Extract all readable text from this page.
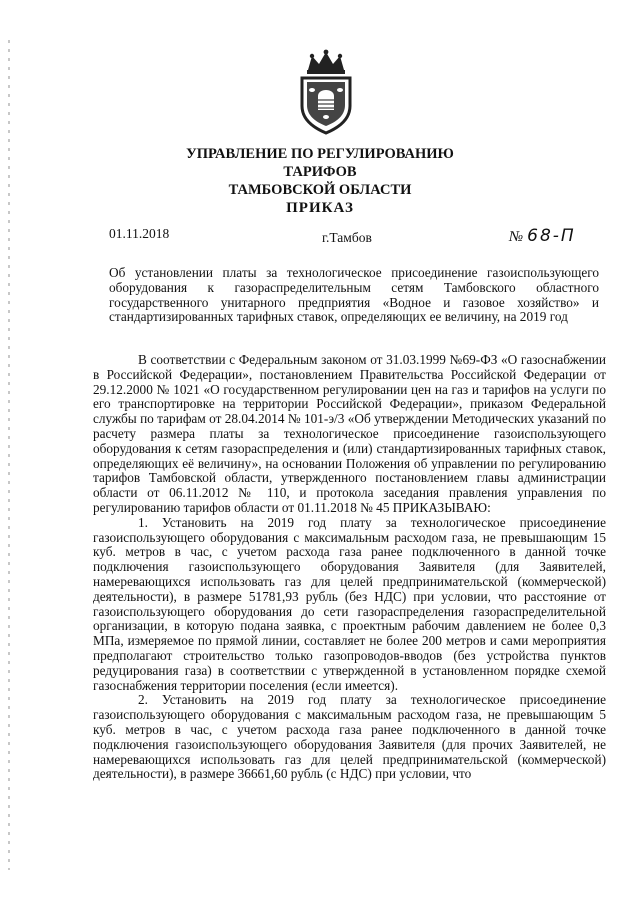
УПРАВЛЕНИЕ ПО РЕГУЛИРОВАНИЮ ТАРИФОВ
ТАМБОВСКОЙ ОБЛАСТИ
ПРИКАЗ
01.11.2018	г.Тамбов	№ 68-П
Об установлении платы за технологическое присоединение газоиспользующего оборудования к газораспределительным сетям Тамбовского областного государственного унитарного предприятия «Водное и газовое хозяйство» и стандартизированных тарифных ставок, определяющих ее величину, на 2019 год

В соответствии с Федеральным законом от 31.03.1999 №69-ФЗ «О газоснабжении в Российской Федерации», постановлением Правительства Российской Федерации от 29.12.2000 № 1021 «О государственном регулировании цен на газ и тарифов на услуги по его транспортировке на территории Российской Федерации», приказом Федеральной службы по тарифам от 28.04.2014 № 101-э/3 «Об утверждении Методических указаний по расчету размера платы за технологическое присоединение газоиспользующего оборудования к сетям газораспределения и (или) стандартизированных тарифных ставок, определяющих её величину», на основании Положения об управлении по регулированию тарифов Тамбовской области, утвержденного постановлением главы администрации области от 06.11.2012 № 110, и протокола заседания правления управления по регулированию тарифов области от 01.11.2018 № 45 ПРИКАЗЫВАЮ:

1. Установить на 2019 год плату за технологическое присоединение газоиспользующего оборудования с максимальным расходом газа, не превышающим 15 куб. метров в час, с учетом расхода газа ранее подключенного в данной точке подключения газоиспользующего оборудования Заявителя (для Заявителей, намеревающихся использовать газ для целей предпринимательской (коммерческой) деятельности), в размере 51781,93 рубль (без НДС) при условии, что расстояние от газоиспользующего оборудования до сети газораспределения газораспределительной организации, в которую подана заявка, с проектным рабочим давлением не более 0,3 МПа, измеряемое по прямой линии, составляет не более 200 метров и сами мероприятия предполагают строительство только газопроводов-вводов (без устройства пунктов редуцирования газа) в соответствии с утвержденной в установленном порядке схемой газоснабжения территории поселения (если имеется).

2. Установить на 2019 год плату за технологическое присоединение газоиспользующего оборудования с максимальным расходом газа, не превышающим 5 куб. метров в час, с учетом расхода газа ранее подключенного в данной точке подключения газоиспользующего оборудования Заявителя (для прочих Заявителей, не намеревающихся использовать газ для целей предпринимательской (коммерческой) деятельности), в размере 36661,60 рубль (с НДС) при условии, что
